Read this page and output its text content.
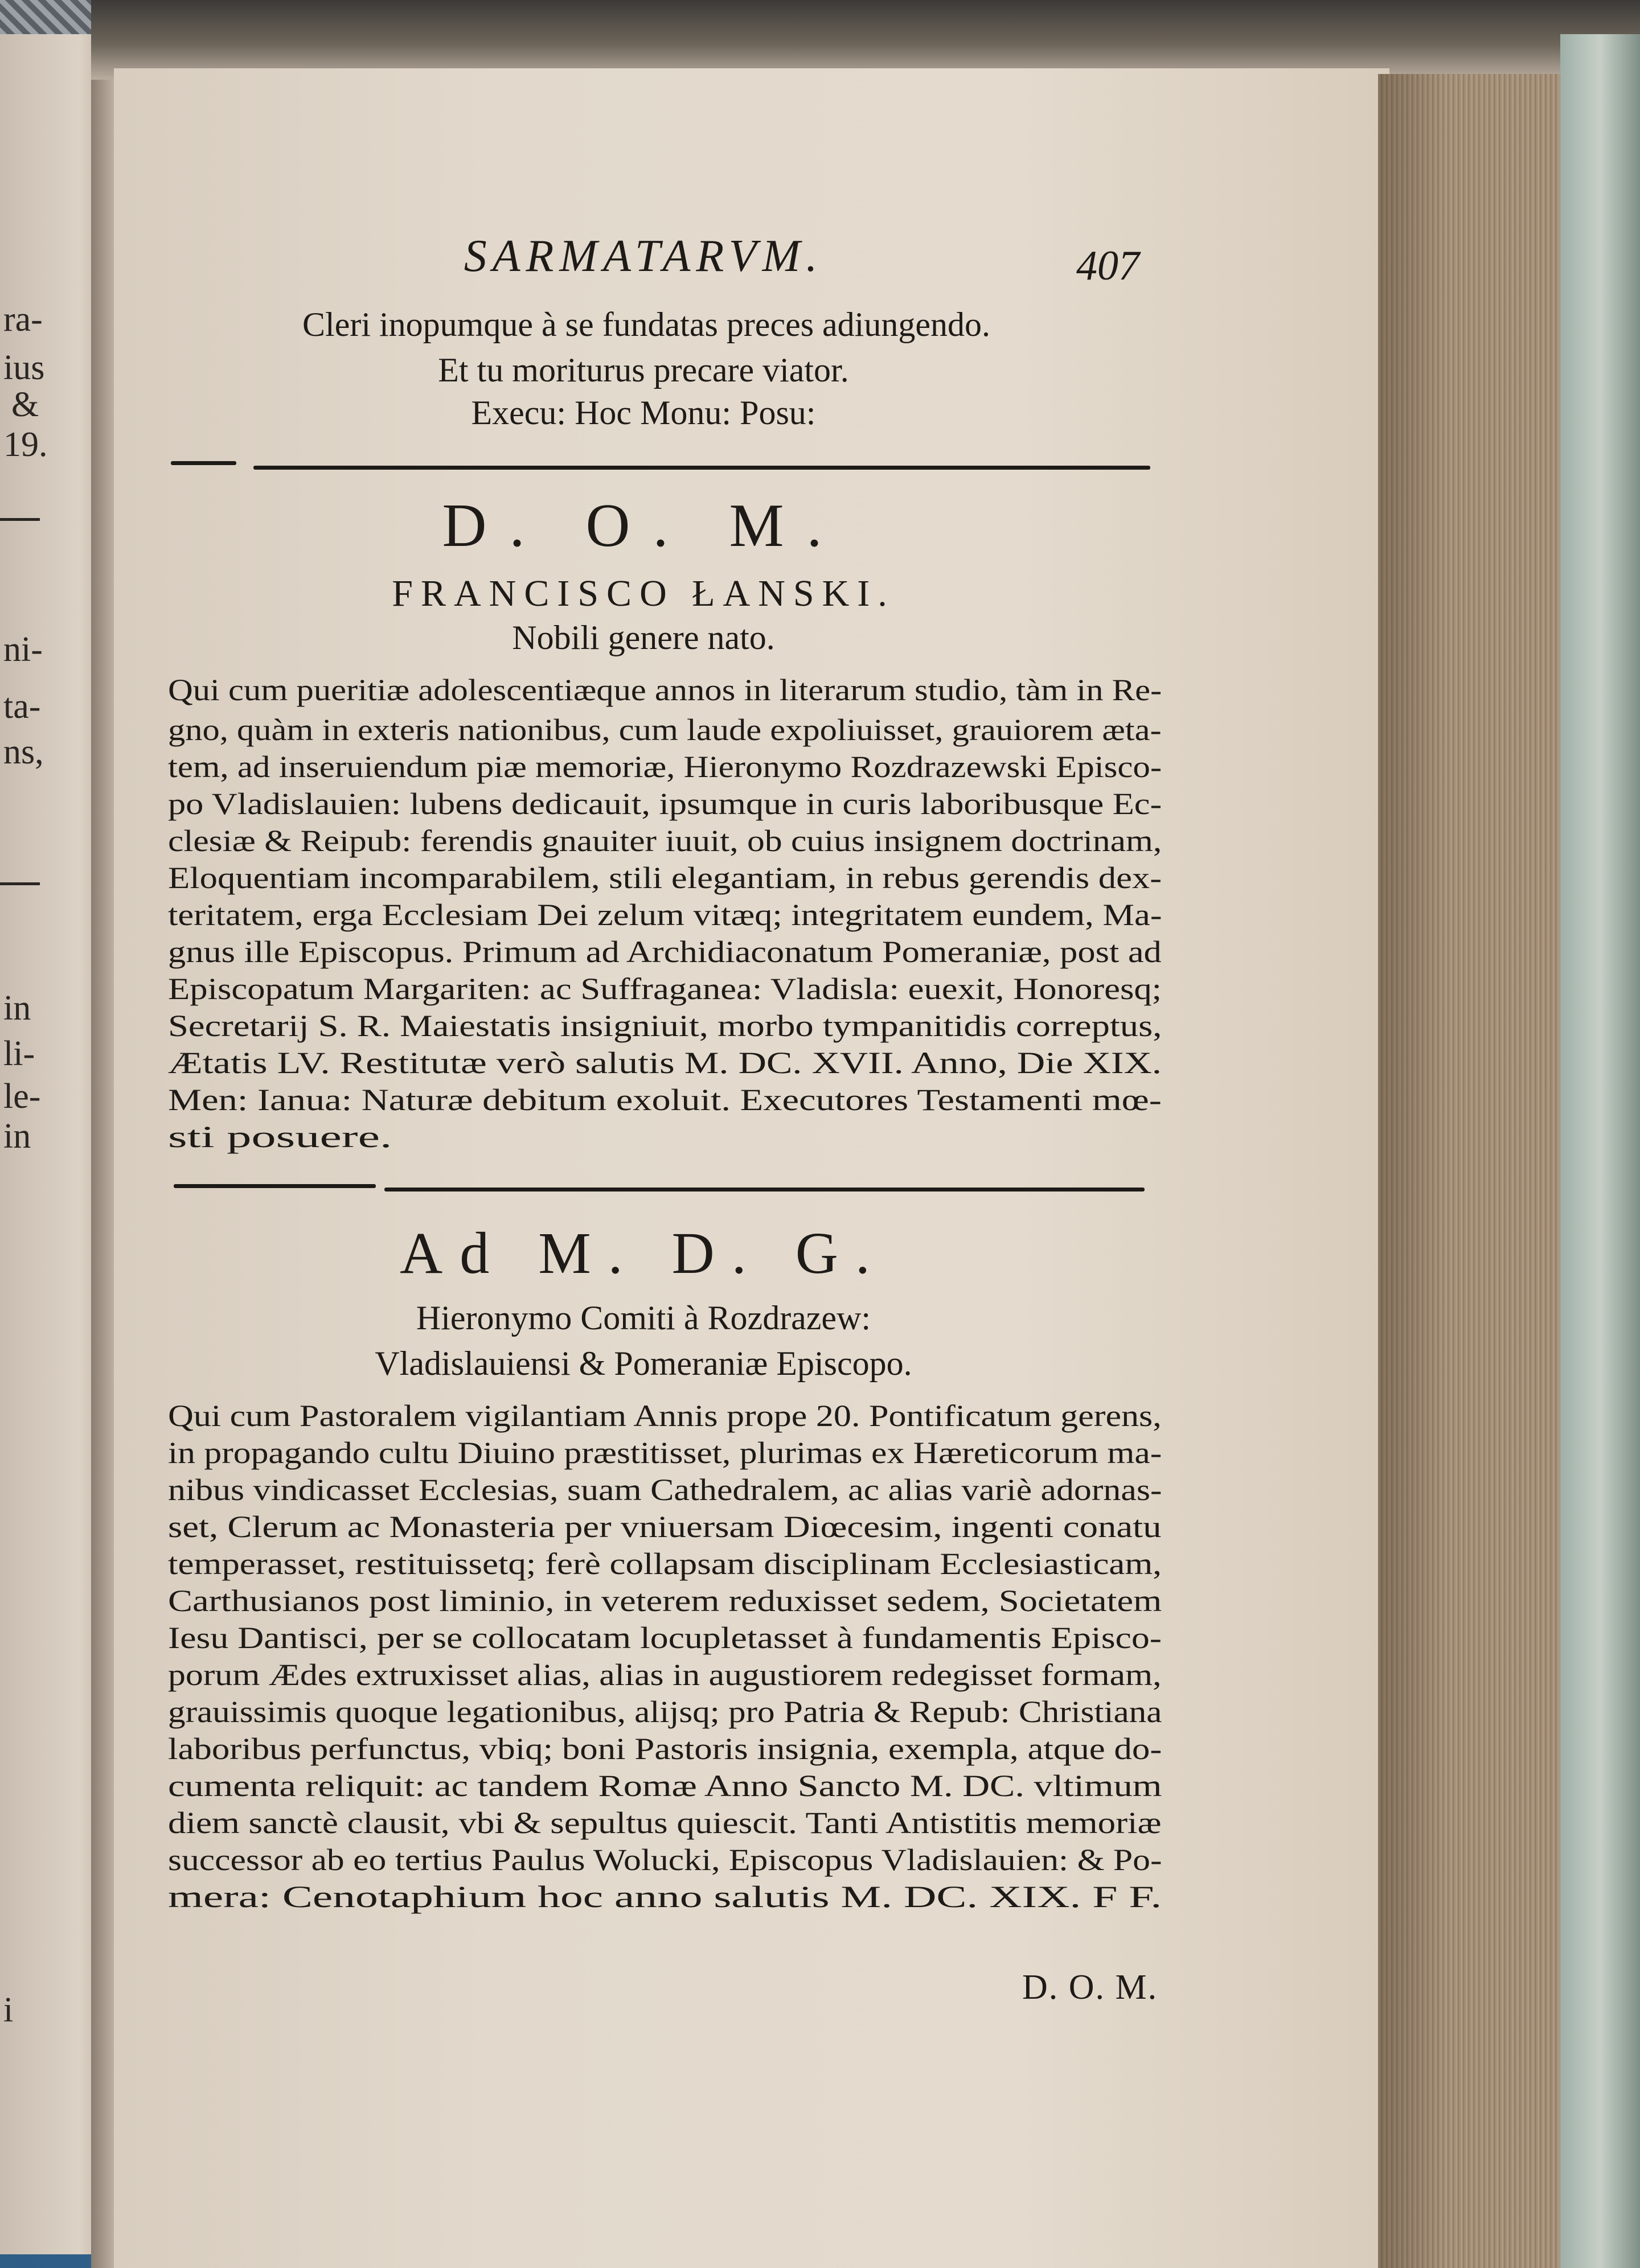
ra-
ius
&
19.
ni-
ta-
ns,
in
li-
le-
in
i
SARMATARVM.	407
Cleri inopumque à se fundatas preces adiungendo.
Et tu moriturus precare viator.
Execu: Hoc Monu: Posu:
D. O. M.
FRANCISCO ŁANSKI.
Nobili genere nato.
Qui cum pueritiæ adolescentiæque annos in literarum studio, tàm in Re-
gno, quàm in exteris nationibus, cum laude expoliuisset, grauiorem æta-
tem, ad inseruiendum piæ memoriæ, Hieronymo Rozdrazewski Episco-
po Vladislauien: lubens dedicauit, ipsumque in curis laboribusque Ec-
clesiæ & Reipub: ferendis gnauiter iuuit, ob cuius insignem doctrinam,
Eloquentiam incomparabilem, stili elegantiam, in rebus gerendis dex-
teritatem, erga Ecclesiam Dei zelum vitæq; integritatem eundem, Ma-
gnus ille Episcopus. Primum ad Archidiaconatum Pomeraniæ, post ad
Episcopatum Margariten: ac Suffraganea: Vladisla: euexit, Honoresq;
Secretarij S. R. Maiestatis insigniuit, morbo tympanitidis correptus,
Ætatis LV. Restitutæ verò salutis M. DC. XVII. Anno, Die XIX.
Men: Ianua: Naturæ debitum exoluit. Executores Testamenti mœ-
sti posuere.
Ad M. D. G.
Hieronymo Comiti à Rozdrazew:
Vladislauiensi & Pomeraniæ Episcopo.
Qui cum Pastoralem vigilantiam Annis prope 20. Pontificatum gerens,
in propagando cultu Diuino præstitisset, plurimas ex Hæreticorum ma-
nibus vindicasset Ecclesias, suam Cathedralem, ac alias variè adornas-
set, Clerum ac Monasteria per vniuersam Diœcesim, ingenti conatu
temperasset, restituissetq; ferè collapsam disciplinam Ecclesiasticam,
Carthusianos post liminio, in veterem reduxisset sedem, Societatem
Iesu Dantisci, per se collocatam locupletasset à fundamentis Episco-
porum Ædes extruxisset alias, alias in augustiorem redegisset formam,
grauissimis quoque legationibus, alijsq; pro Patria & Repub: Christiana
laboribus perfunctus, vbiq; boni Pastoris insignia, exempla, atque do-
cumenta reliquit: ac tandem Romæ Anno Sancto M. DC. vltimum
diem sanctè clausit, vbi & sepultus quiescit. Tanti Antistitis memoriæ
successor ab eo tertius Paulus Wolucki, Episcopus Vladislauien: & Po-
mera: Cenotaphium hoc anno salutis M. DC. XIX. F F.
D. O. M.
